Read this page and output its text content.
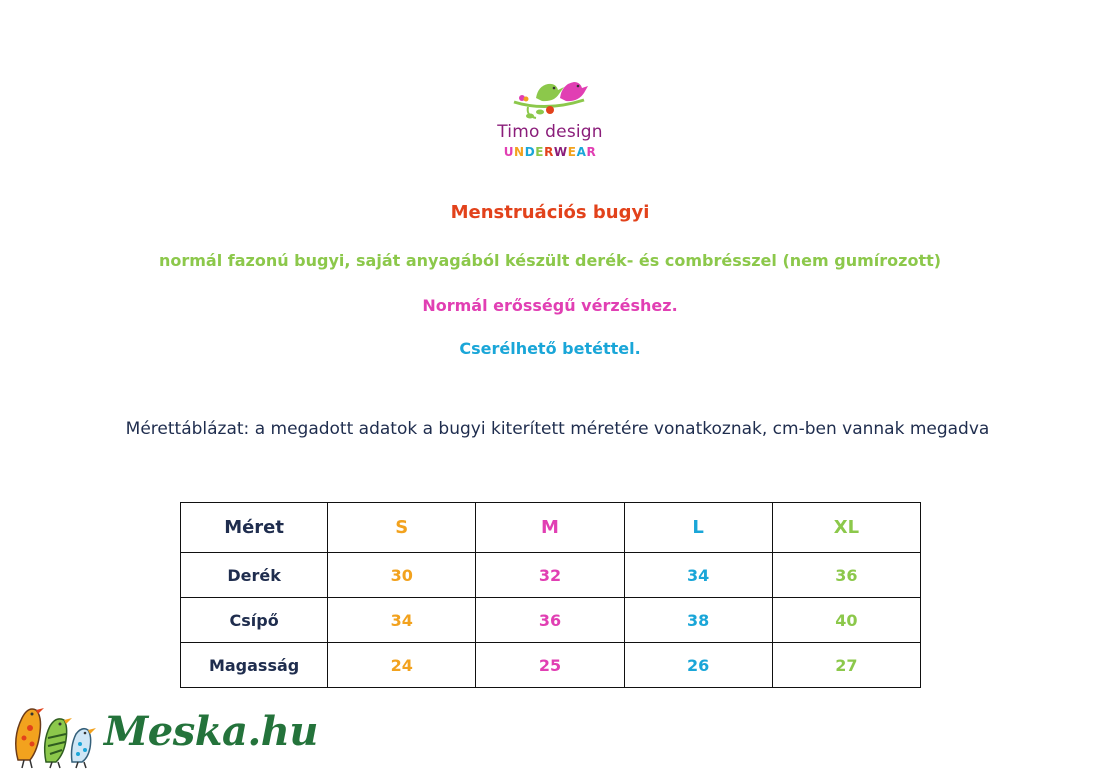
Timo design
UNDERWEAR
Menstruációs bugyi
normál fazonú bugyi, saját anyagából készült derék- és combrésszel (nem gumírozott)
Normál erősségű vérzéshez.
Cserélhető betéttel.
Mérettáblázat: a megadott adatok a bugyi kiterített méretére vonatkoznak, cm-ben vannak megadva
Méret	S	M	L	XL
Derék	30	32	34	36
Csípő	34	36	38	40
Magasság	24	25	26	27
Meska.hu
